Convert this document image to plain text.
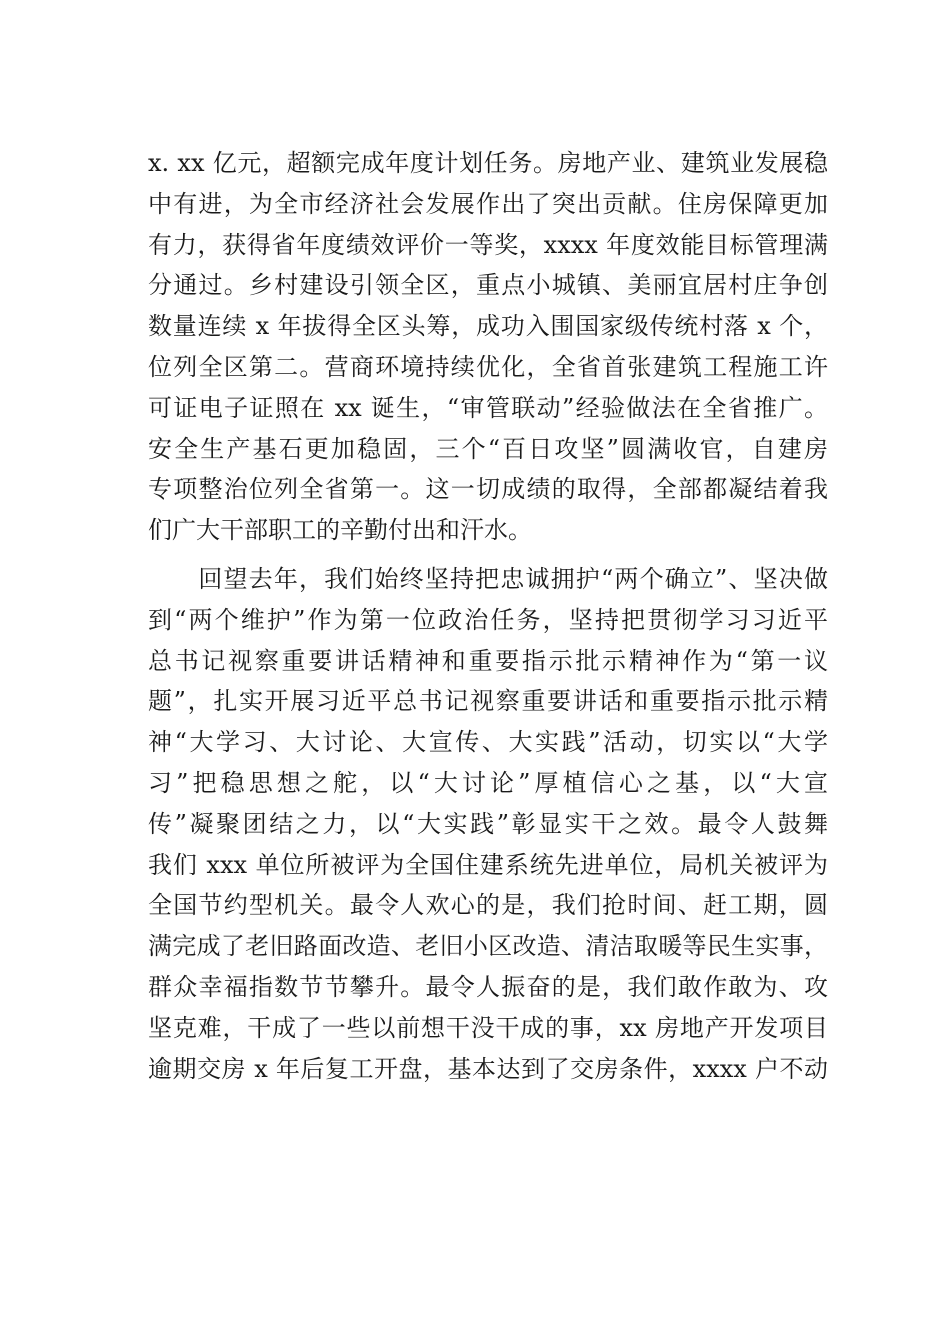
x. xx 亿元，超额完成年度计划任务。房地产业、建筑业发展稳
中有进，为全市经济社会发展作出了突出贡献。住房保障更加
有力，获得省年度绩效评价一等奖，xxxx 年度效能目标管理满
分通过。乡村建设引领全区，重点小城镇、美丽宜居村庄争创
数量连续 x 年拔得全区头筹，成功入围国家级传统村落 x 个，
位列全区第二。营商环境持续优化，全省首张建筑工程施工许
可证电子证照在 xx 诞生，“审管联动”经验做法在全省推广。
安全生产基石更加稳固，三个“百日攻坚”圆满收官，自建房
专项整治位列全省第一。这一切成绩的取得，全部都凝结着我
们广大干部职工的辛勤付出和汗水。
　　回望去年，我们始终坚持把忠诚拥护“两个确立”、坚决做
到“两个维护”作为第一位政治任务，坚持把贯彻学习习近平
总书记视察重要讲话精神和重要指示批示精神作为“第一议
题”，扎实开展习近平总书记视察重要讲话和重要指示批示精
神“大学习、大讨论、大宣传、大实践”活动，切实以“大学
习”把稳思想之舵，以“大讨论”厚植信心之基，以“大宣
传”凝聚团结之力，以“大实践”彰显实干之效。最令人鼓舞
我们 xxx 单位所被评为全国住建系统先进单位，局机关被评为
全国节约型机关。最令人欢心的是，我们抢时间、赶工期，圆
满完成了老旧路面改造、老旧小区改造、清洁取暖等民生实事，
群众幸福指数节节攀升。最令人振奋的是，我们敢作敢为、攻
坚克难，干成了一些以前想干没干成的事，xx 房地产开发项目
逾期交房 x 年后复工开盘，基本达到了交房条件，xxxx 户不动
